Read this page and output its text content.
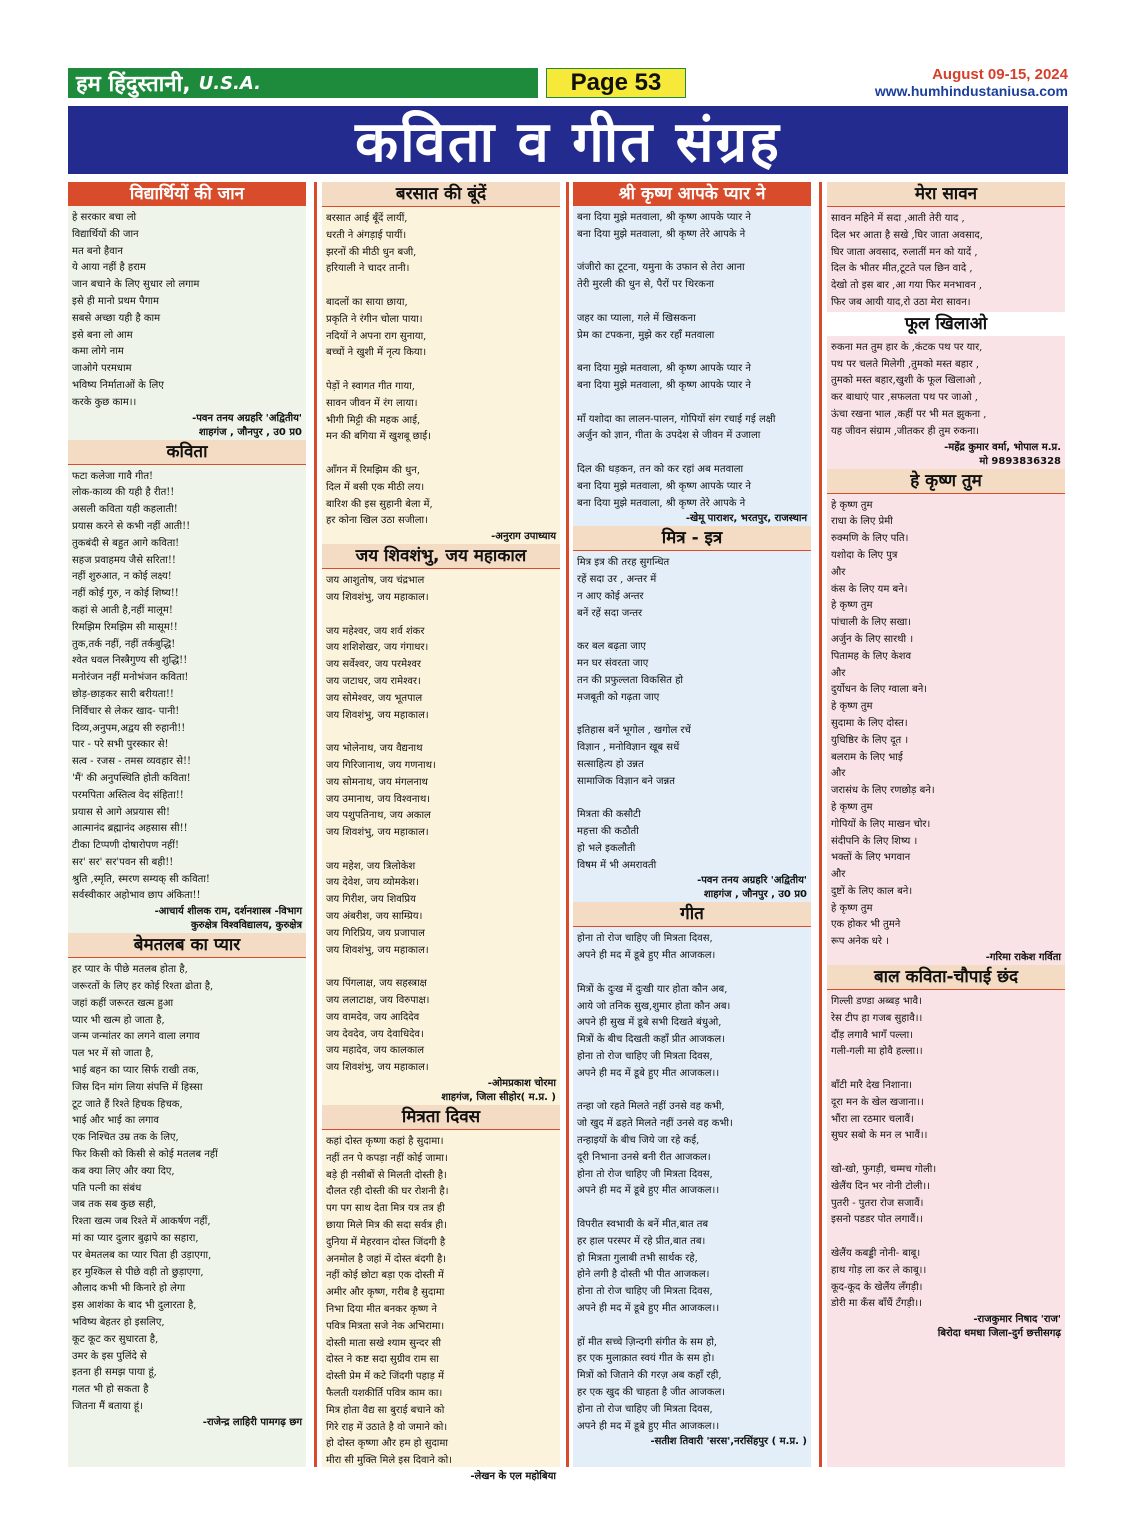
हम हिंदुस्तानी, U.S.A.	Page 53	August 09-15, 2024
www.humhindustaniusa.com
कविता व गीत संग्रह
विद्यार्थियों की जान
हे सरकार बचा लो
विद्यार्थियों की जान
मत बनो हैवान
ये आया नहीं है हराम
जान बचाने के लिए सुधार लो लगाम
इसे ही मानो प्रथम पैगाम
सबसे अच्छा यही है काम
इसे बना लो आम
कमा लोगे नाम
जाओगे परमधाम
भविष्य निर्माताओं के लिए
करके कुछ काम।।
-पवन तनय अग्रहरि 'अद्वितीय'
शाहगंज , जौनपुर , उ0 प्र0
कविता
फटा कलेजा गावै गीत!
लोक-काव्य की यही है रीत!!
असली कविता यही कहलाती!
प्रयास करने से कभी नहीं आती!!
तुकबंदी से बहुत आगे कविता!
सहज प्रवाहमय जैसे सरिता!!
नहीं शुरुआत, न कोई लक्ष्य!
नहीं कोई गुरु, न कोई शिष्य!!
कहां से आती है,नहीं मालूम!
रिमझिम रिमझिम सी मासूम!!
तुक,तर्क नहीं, नहीं तर्कबुद्धि!
श्वेत धवल निस्त्रैगुण्य सी शुद्धि!!
मनोरंजन नहीं मनोभंजन कविता!
छोड़-छाड़कर सारी बरीयता!!
निर्विचार से लेकर खाद- पानी!
दिव्य,अनुपम,अद्वय सी रुहानी!!
पार - परे सभी पुरस्कार से!
सत्व - रजस - तमस व्यवहार से!!
'मैं' की अनुपस्थिति होती कविता!
परमपिता अस्तित्व वेद संहिता!!
प्रयास से आगे अप्रयास सी!
आत्मानंद ब्रह्मानंद अहसास सी!!
टीका टिप्पणी दोषारोपण नहीं!
सर' सर' सर'पवन सी बही!!
श्रुति ,स्मृति, स्मरण सम्यक् सी कविता!
सर्वस्वीकार अहोभाव छाप अंकिता!!
-आचार्य शीलक राम, दर्शनशास्त्र -विभाग
कुरुक्षेत्र विश्वविद्यालय, कुरुक्षेत्र
बेमतलब का प्यार
हर प्यार के पीछे मतलब होता है,
जरूरतों के लिए हर कोई रिश्ता ढोता है,
जहां कहीं जरूरत खत्म हुआ
प्यार भी खत्म हो जाता है,
जन्म जन्मांतर का लगने वाला लगाव
पल भर में सो जाता है,
भाई बहन का प्यार सिर्फ राखी तक,
जिस दिन मांग लिया संपत्ति में हिस्सा
टूट जाते हैं रिश्ते हिचक हिचक,
भाई और भाई का लगाव
एक निश्चित उम्र तक के लिए,
फिर किसी को किसी से कोई मतलब नहीं
कब क्या लिए और क्या दिए,
पति पत्नी का संबंध
जब तक सब कुछ सही,
रिश्ता खत्म जब रिश्ते में आकर्षण नहीं,
मां का प्यार दुलार बुढ़ापे का सहारा,
पर बेमतलब का प्यार पिता ही उड़ाएगा,
हर मुश्किल से पीछे वही तो छुड़ाएगा,
औलाद कभी भी किनारे हो लेगा
इस आशंका के बाद भी दुलारता है,
भविष्य बेहतर हो इसलिए,
कूट कूट कर सुधारता है,
उमर के इस पुलिंदे से
इतना ही समझ पाया हूं,
गलत भी हो सकता है
जितना मैं बताया हूं।
-राजेन्द्र लाहिरी पामगढ़ छग
बरसात की बूंदें
बरसात आई बूँदें लायीं,
धरती ने अंगड़ाई पायीं।
झरनों की मीठी धुन बजी,
हरियाली ने चादर तानी।

बादलों का साया छाया,
प्रकृति ने रंगीन चोला पाया।
नदियों ने अपना राग सुनाया,
बच्चों ने खुशी में नृत्य किया।

पेड़ों ने स्वागत गीत गाया,
सावन जीवन में रंग लाया।
भीगी मिट्टी की महक आई,
मन की बगिया में खुशबू छाई।

आँगन में रिमझिम की धुन,
दिल में बसी एक मीठी लय।
बारिश की इस सुहानी बेला में,
हर कोना खिल उठा सजीला।
-अनुराग उपाध्याय
जय शिवशंभु, जय महाकाल
जय आशुतोष, जय चंद्रभाल
जय शिवशंभु, जय महाकाल।

जय महेश्वर, जय शर्व शंकर
जय शशिशेखर, जय गंगाधर।
जय सर्वेश्वर, जय परमेश्वर
जय जटाधर, जय रामेश्वर।
जय सोमेश्वर, जय भूतपाल
जय शिवशंभु, जय महाकाल।

जय भोलेनाथ, जय वैद्यनाथ
जय गिरिजानाथ, जय गणनाथ।
जय सोमनाथ, जय मंगलनाथ
जय उमानाथ, जय विश्वनाथ।
जय पशुपतिनाथ, जय अकाल
जय शिवशंभु, जय महाकाल।

जय महेश, जय त्रिलोकेश
जय देवेश, जय व्योमकेश।
जय गिरीश, जय शिवप्रिय
जय अंबरीश, जय साम्प्रिय।
जय गिरिप्रिय, जय प्रजापाल
जय शिवशंभु, जय महाकाल।

जय पिंगलाक्ष, जय सहस्त्राक्ष
जय ललाटाक्ष, जय विरुपाक्ष।
जय वामदेव, जय आदिदेव
जय देवदेव, जय देवाधिदेव।
जय महादेव, जय कालकाल
जय शिवशंभु, जय महाकाल।
-ओमप्रकाश चोरमा
शाहगंज, जिला सीहोर( म.प्र. )
मित्रता दिवस
कहां दोस्त कृष्णा कहां है सुदामा।
नहीं तन पे कपड़ा नहीं कोई जामा।
बड़े ही नसीबों से मिलती दोस्ती है।
दौलत रही दोस्ती की घर रोशनी है।
पग पग साथ देता मित्र यत्र तत्र ही
छाया मिले मित्र की सदा सर्वत्र ही।
दुनिया में मेहरवान दोस्त जिंदगी है
अनमोल है जहां में दोस्त बंदगी है।
नहीं कोई छोटा बड़ा एक दोस्ती में
अमीर और कृष्ण, गरीब है सुदामा
निभा दिया मीत बनकर कृष्ण ने
पवित्र मित्रता सजे नेक अभिरामा।
दोस्ती माता सखे श्याम सुन्दर सी
दोस्त ने कष्ट सदा सुग्रीव राम सा
दोस्ती प्रेम में कटे जिंदगी पहाड़ में
फैलती यशकीर्ति पवित्र काम का।
मित्र होता वैद्य सा बुराई बचाने को
गिरे राह में उठाते है वो जमाने को।
हो दोस्त कृष्णा और हम हो सुदामा
मीरा सी मुक्ति मिले इस दिवाने को।
-लेखन के एल महोबिया
श्री कृष्ण आपके प्यार ने
बना दिया मुझे मतवाला, श्री कृष्ण आपके प्यार ने
बना दिया मुझे मतवाला, श्री कृष्ण तेरे आपके ने

जंजीरो का टूटना, यमुना के उफान से तेरा आना
तेरी मुरली की धुन से, पैरों पर थिरकना

जहर का प्याला, गले में खिसकना
प्रेम का टपकना, मुझे कर रहाँ मतवाला

बना दिया मुझे मतवाला, श्री कृष्ण आपके प्यार ने
बना दिया मुझे मतवाला, श्री कृष्ण आपके प्यार ने

माँ यशोदा का लालन-पालन, गोपियों संग रचाई गई लक्षी
अर्जुन को ज्ञान, गीता के उपदेश से जीवन में उजाला

दिल की धड़कन, तन को कर रहां अब मतवाला
बना दिया मुझे मतवाला, श्री कृष्ण आपके प्यार ने
बना दिया मुझे मतवाला, श्री कृष्ण तेरे आपके ने
-खेमू पाराशर, भरतपुर, राजस्थान
मित्र - इत्र
मित्र इत्र की तरह सुगन्धित
रहें सदा उर , अन्तर में
न आए कोई अन्तर
बनें रहें सदा जन्तर

कर बल बढ़ता जाए
मन घर संवरता जाए
तन की प्रफुल्लता विकसित हो
मजबूती को गढ़ता जाए

इतिहास बनें भूगोल , खगोल रचें
विज्ञान , मनोविज्ञान खूब सधें
सत्साहित्य हो उन्नत
सामाजिक विज्ञान बने जन्नत

मित्रता की कसौटी
महत्ता की कठौती
हो भले इकलौती
विषम में भी अमरावती
-पवन तनय अग्रहरि 'अद्वितीय'
शाहगंज , जौनपुर , उ0 प्र0
गीत
होना तो रोज चाहिए जी मित्रता दिवस,
अपने ही मद में डूबे हुए मीत आजकल।

मित्रों के दुःख में दुःखी यार होता कौन अब,
आये जो तनिक सुख,शुमार होता कौन अब।
अपने ही सुख में डूबे सभी दिखते बंधुओ,
मित्रों के बीच दिखती कहाँ प्रीत आजकल।
होना तो रोज चाहिए जी मित्रता दिवस,
अपने ही मद में डूबे हुए मीत आजकल।।

तन्हा जो रहते मिलते नहीं उनसे वह कभी,
जो खुद में ढहते मिलते नहीं उनसे वह कभी।
तन्हाइयों के बीच जिये जा रहे कई,
दूरी निभाना उनसे बनी रीत आजकल।
होना तो रोज चाहिए जी मित्रता दिवस,
अपने ही मद में डूबे हुए मीत आजकल।।

विपरीत स्वभावी के बनें मीत,बात तब
हर हाल परस्पर में रहे प्रीत,बात तब।
हो मित्रता गुलाबी तभी सार्थक रहे,
होने लगी है दोस्ती भी पीत आजकल।
होना तो रोज चाहिए जी मित्रता दिवस,
अपने ही मद में डूबे हुए मीत आजकल।।

हों मीत सच्चे ज़िन्दगी संगीत के सम हो,
हर एक मुलाक़ात स्वयं गीत के सम हो।
मित्रों को जिताने की गरज़ अब कहाँ रही,
हर एक खुद की चाहता है जीत आजकल।
होना तो रोज चाहिए जी मित्रता दिवस,
अपने ही मद में डूबे हुए मीत आजकल।।
-सतीश तिवारी 'सरस',नरसिंहपुर ( म.प्र. )
मेरा सावन
सावन महिने में सदा ,आती तेरी याद ,
दिल भर आता है सखे ,घिर जाता अवसाद,
घिर जाता अवसाद, रुलातीं मन को यादें ,
दिल के भीतर मीत,टूटते पल छिन वादे ,
देखो तो इस बार ,आ गया फिर मनभावन ,
फिर जब आयी याद,रो उठा मेरा सावन।
फूल खिलाओ
रुकना मत तुम हार के ,कंटक पथ पर यार,
पथ पर चलते मिलेगी ,तुमको मस्त बहार ,
तुमको मस्त बहार,खुशी के फूल खिलाओ ,
कर बाधाएं पार ,सफलता पथ पर जाओ ,
ऊंचा रखना भाल ,कहीं पर भी मत झुकना ,
यह जीवन संग्राम ,जीतकर ही तुम रुकना।
-महेंद्र कुमार वर्मा, भोपाल म.प्र.
मो 9893836328
हे कृष्ण तुम
हे कृष्ण तुम
राधा के लिए प्रेमी
रुक्मणि के लिए पति।
यशोदा के लिए पुत्र
और
कंस के लिए यम बने।
हे कृष्ण तुम
पांचाली के लिए सखा।
अर्जुन के लिए सारथी ।
पितामह के लिए केशव
और
दुर्योधन के लिए ग्वाला बने।
हे कृष्ण तुम
सुदामा के लिए दोस्त।
युधिष्ठिर के लिए दूत ।
बलराम के लिए भाई
और
जरासंध के लिए रणछोड़ बने।
हे कृष्ण तुम
गोपियों के लिए माखन चोर।
संदीपनि के लिए शिष्य ।
भक्तों के लिए भगवान
और
दुष्टों के लिए काल बने।
हे कृष्ण तुम
एक होकर भी तुमने
रूप अनेक धरे ।
-गरिमा राकेश गर्विता
बाल कविता-चौपाई छंद
गिल्ली डण्डा अब्बड़ भावै।
रेस टीप हा गजब सुहावै।।
दौंड़ लगावै भागँ पल्ला।
गली-गली मा होवै हल्ला।।

बाँटी मारै देख निशाना।
दूरा मन के खेल खजाना।।
भौंरा ला रठमार चलावैं।
सुघर सबो के मन ल भावैं।।

खो-खो, फुगड़ी, चम्मच गोली।
खेलैंय दिन भर नोनी टोली।।
पुतरी - पुतरा रोज सजावैं।
इसनो पडडर पोत लगावैं।।

खेलैंय कबड्डी नोनी- बाबू।
हाथ गोड़ ला कर ले काबू।।
कूद-कूद के खेलैंय लँगड़ी।
डोरी मा कँस बाँधैं टँगड़ी।।
-राजकुमार निषाद 'राज'
बिरोदा धमधा जिला-दुर्ग छत्तीसगढ़
